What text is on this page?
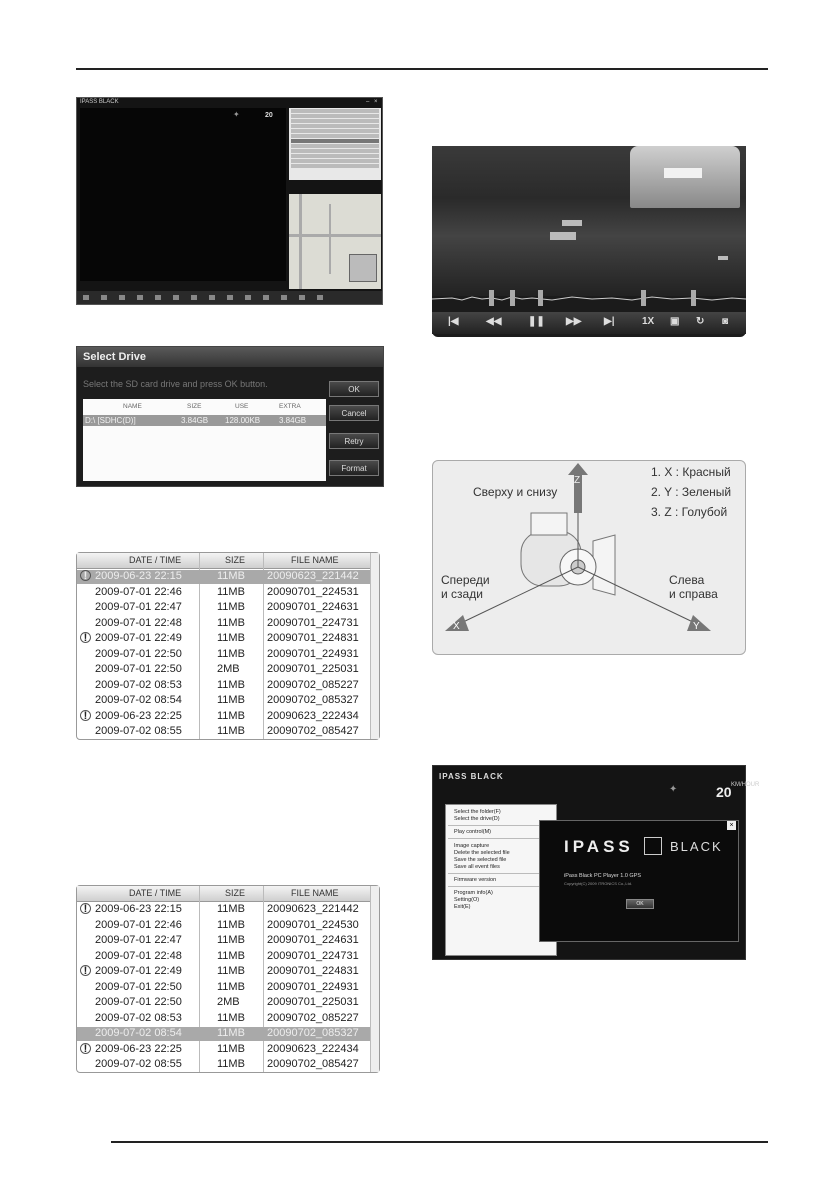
IPASS BLACK	– ×
✦	20
Select Drive
Select the SD card drive and press OK button.
NAME	SIZE	USE	EXTRA
D:\ [SDHC(D)]	3.84GB 128.00KB 3.84GB
OK
Cancel
Retry
Format
DATE / TIME	SIZE	FILE NAME
! 2009-06-23 22:15	11MB 20090623_221442
2009-07-01 22:46	11MB 20090701_224531
2009-07-01 22:47	11MB 20090701_224631
2009-07-01 22:48	11MB 20090701_224731
! 2009-07-01 22:49	11MB 20090701_224831
2009-07-01 22:50	11MB 20090701_224931
2009-07-01 22:50	2MB 20090701_225031
2009-07-02 08:53	11MB 20090702_085227
2009-07-02 08:54	11MB 20090702_085327
! 2009-06-23 22:25	11MB 20090623_222434
2009-07-02 08:55	11MB 20090702_085427
DATE / TIME	SIZE	FILE NAME
! 2009-06-23 22:15	11MB 20090623_221442
2009-07-01 22:46	11MB 20090701_224530
2009-07-01 22:47	11MB 20090701_224631
2009-07-01 22:48	11MB 20090701_224731
! 2009-07-01 22:49	11MB 20090701_224831
2009-07-01 22:50	11MB 20090701_224931
2009-07-01 22:50	2MB 20090701_225031
2009-07-02 08:53	11MB 20090702_085227
2009-07-02 08:54	11MB 20090702_085327
! 2009-06-23 22:25	11MB 20090623_222434
2009-07-02 08:55	11MB 20090702_085427
|◀	◀◀	❚❚ ▶▶ ▶|	1X ▣ ↻ ◙
Z
X	Y
Сверху и снизу
Спереди
и сзади
Слева
и справа
1. X : Красный
2. Y : Зеленый
3. Z : Голубой
IPASS BLACK
✦	20 KM/HOUR
Select the folder(F)
Select the drive(D)
Play control(M)
Image capture
Delete the selected file
Save the selected file
Save all event files
Firmware version
Program info(A)
Setting(O)
Exit(E)
×
IPASS	BLACK
iPass Black PC Player 1.0 GPS
Copyright(C) 2009 ITRONICS Co.,Ltd.
OK
